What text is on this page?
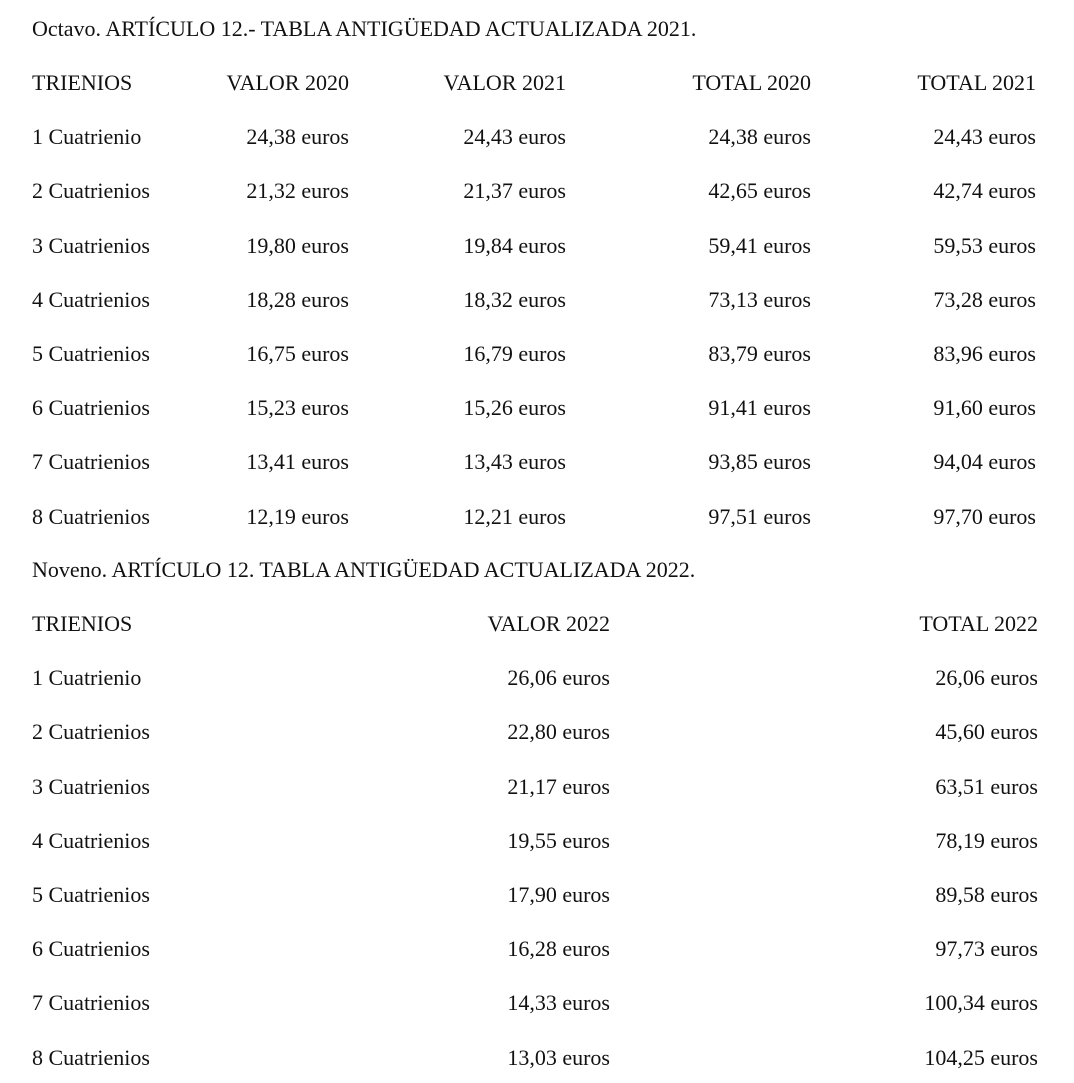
Octavo. ARTÍCULO 12.- TABLA ANTIGÜEDAD ACTUALIZADA 2021.
TRIENIOS	VALOR 2020	VALOR 2021	TOTAL 2020	TOTAL 2021
1 Cuatrienio	24,38 euros	24,43 euros	24,38 euros	24,43 euros
2 Cuatrienios	21,32 euros	21,37 euros	42,65 euros	42,74 euros
3 Cuatrienios	19,80 euros	19,84 euros	59,41 euros	59,53 euros
4 Cuatrienios	18,28 euros	18,32 euros	73,13 euros	73,28 euros
5 Cuatrienios	16,75 euros	16,79 euros	83,79 euros	83,96 euros
6 Cuatrienios	15,23 euros	15,26 euros	91,41 euros	91,60 euros
7 Cuatrienios	13,41 euros	13,43 euros	93,85 euros	94,04 euros
8 Cuatrienios	12,19 euros	12,21 euros	97,51 euros	97,70 euros
Noveno. ARTÍCULO 12. TABLA ANTIGÜEDAD ACTUALIZADA 2022.
TRIENIOS	VALOR 2022	TOTAL 2022
1 Cuatrienio	26,06 euros	26,06 euros
2 Cuatrienios	22,80 euros	45,60 euros
3 Cuatrienios	21,17 euros	63,51 euros
4 Cuatrienios	19,55 euros	78,19 euros
5 Cuatrienios	17,90 euros	89,58 euros
6 Cuatrienios	16,28 euros	97,73 euros
7 Cuatrienios	14,33 euros	100,34 euros
8 Cuatrienios	13,03 euros	104,25 euros
